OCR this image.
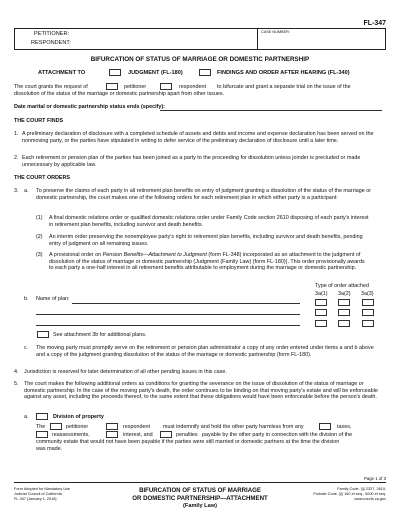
FL-347
PETITIONER:
RESPONDENT:
CASE NUMBER:
BIFURCATION OF STATUS OF MARRIAGE OR DOMESTIC PARTNERSHIP
ATTACHMENT TO	JUDGMENT (FL-180)	FINDINGS AND ORDER AFTER HEARING (FL-340)
The court grants the request of	petitioner	respondent to bifurcate and grant a separate trial on the issue of the
dissolution of the status of the marriage or domestic partnership apart from other issues.
Date marital or domestic partnership status ends (specify):
THE COURT FINDS
1. A preliminary declaration of disclosure with a completed schedule of assets and debts and income and expense declaration has been served on the nonmoving party, or the parties have stipulated in writing to defer service of the preliminary declaration of disclosure until a later time.
2. Each retirement or pension plan of the parties has been joined as a party to the proceeding for dissolution unless joinder is precluded or made unnecessary by applicable law.
THE COURT ORDERS
3. a. To preserve the claims of each party in all retirement plan benefits on entry of judgment granting a dissolution of the status of the marriage or domestic partnership, the court makes one of the following orders for each retirement plan in which either party is a participant:
(1) A final domestic relations order or qualified domestic relations order under Family Code section 2610 disposing of each party's interest in retirement plan benefits, including survivor and death benefits.
(2) An interim order preserving the nonemployee party's right to retirement plan benefits, including survivor and death benefits, pending entry of judgment on all remaining issues.
(3) A provisional order on Pension Benefits—Attachment to Judgment (form FL-348) incorporated as an attachment to the judgment of dissolution of the status of marriage or domestic partnership (Judgment (Family Law) (form FL-180)). This order provisionally awards to each party a one-half interest in all retirement benefits attributable to employment during the marriage or domestic partnership.
Type of order attached
3a(1) 3a(2) 3a(3)
b. Name of plan:
See attachment 3b for additional plans.
c. The moving party must promptly serve on the retirement or pension plan administrator a copy of any order entered under items a and b above and a copy of the judgment granting dissolution of the status of the marriage or domestic partnership (form FL-180).
4. Jurisdiction is reserved for later determination of all other pending issues in this case.
5. The court makes the following additional orders as conditions for granting the severance on the issue of dissolution of the status of marriage or domestic partnership: In the case of the moving party's death, the order continues to be binding on that moving party's estate and will be enforceable against any asset, including the proceeds thereof, to the same extent that these obligations would have been enforceable before the person's death.
a.	Division of property
The	petitioner	respondent must indemnify and hold the other party harmless from any	taxes,
reassessments,	interest, and	penalties payable by the other party in connection with the division of the
community estate that would not have been payable if the parties were still married or domestic partners at the time the division
was made.
Page 1 of 3
Form Adopted for Mandatory Use
Judicial Council of California
FL-347 [January 1, 2016]
BIFURCATION OF STATUS OF MARRIAGE
OR DOMESTIC PARTNERSHIP—ATTACHMENT
(Family Law)
Family Code, §§ 2337, 2610;
Probate Code, §§ 160 et seq., 5000 et seq.
www.courts.ca.gov
